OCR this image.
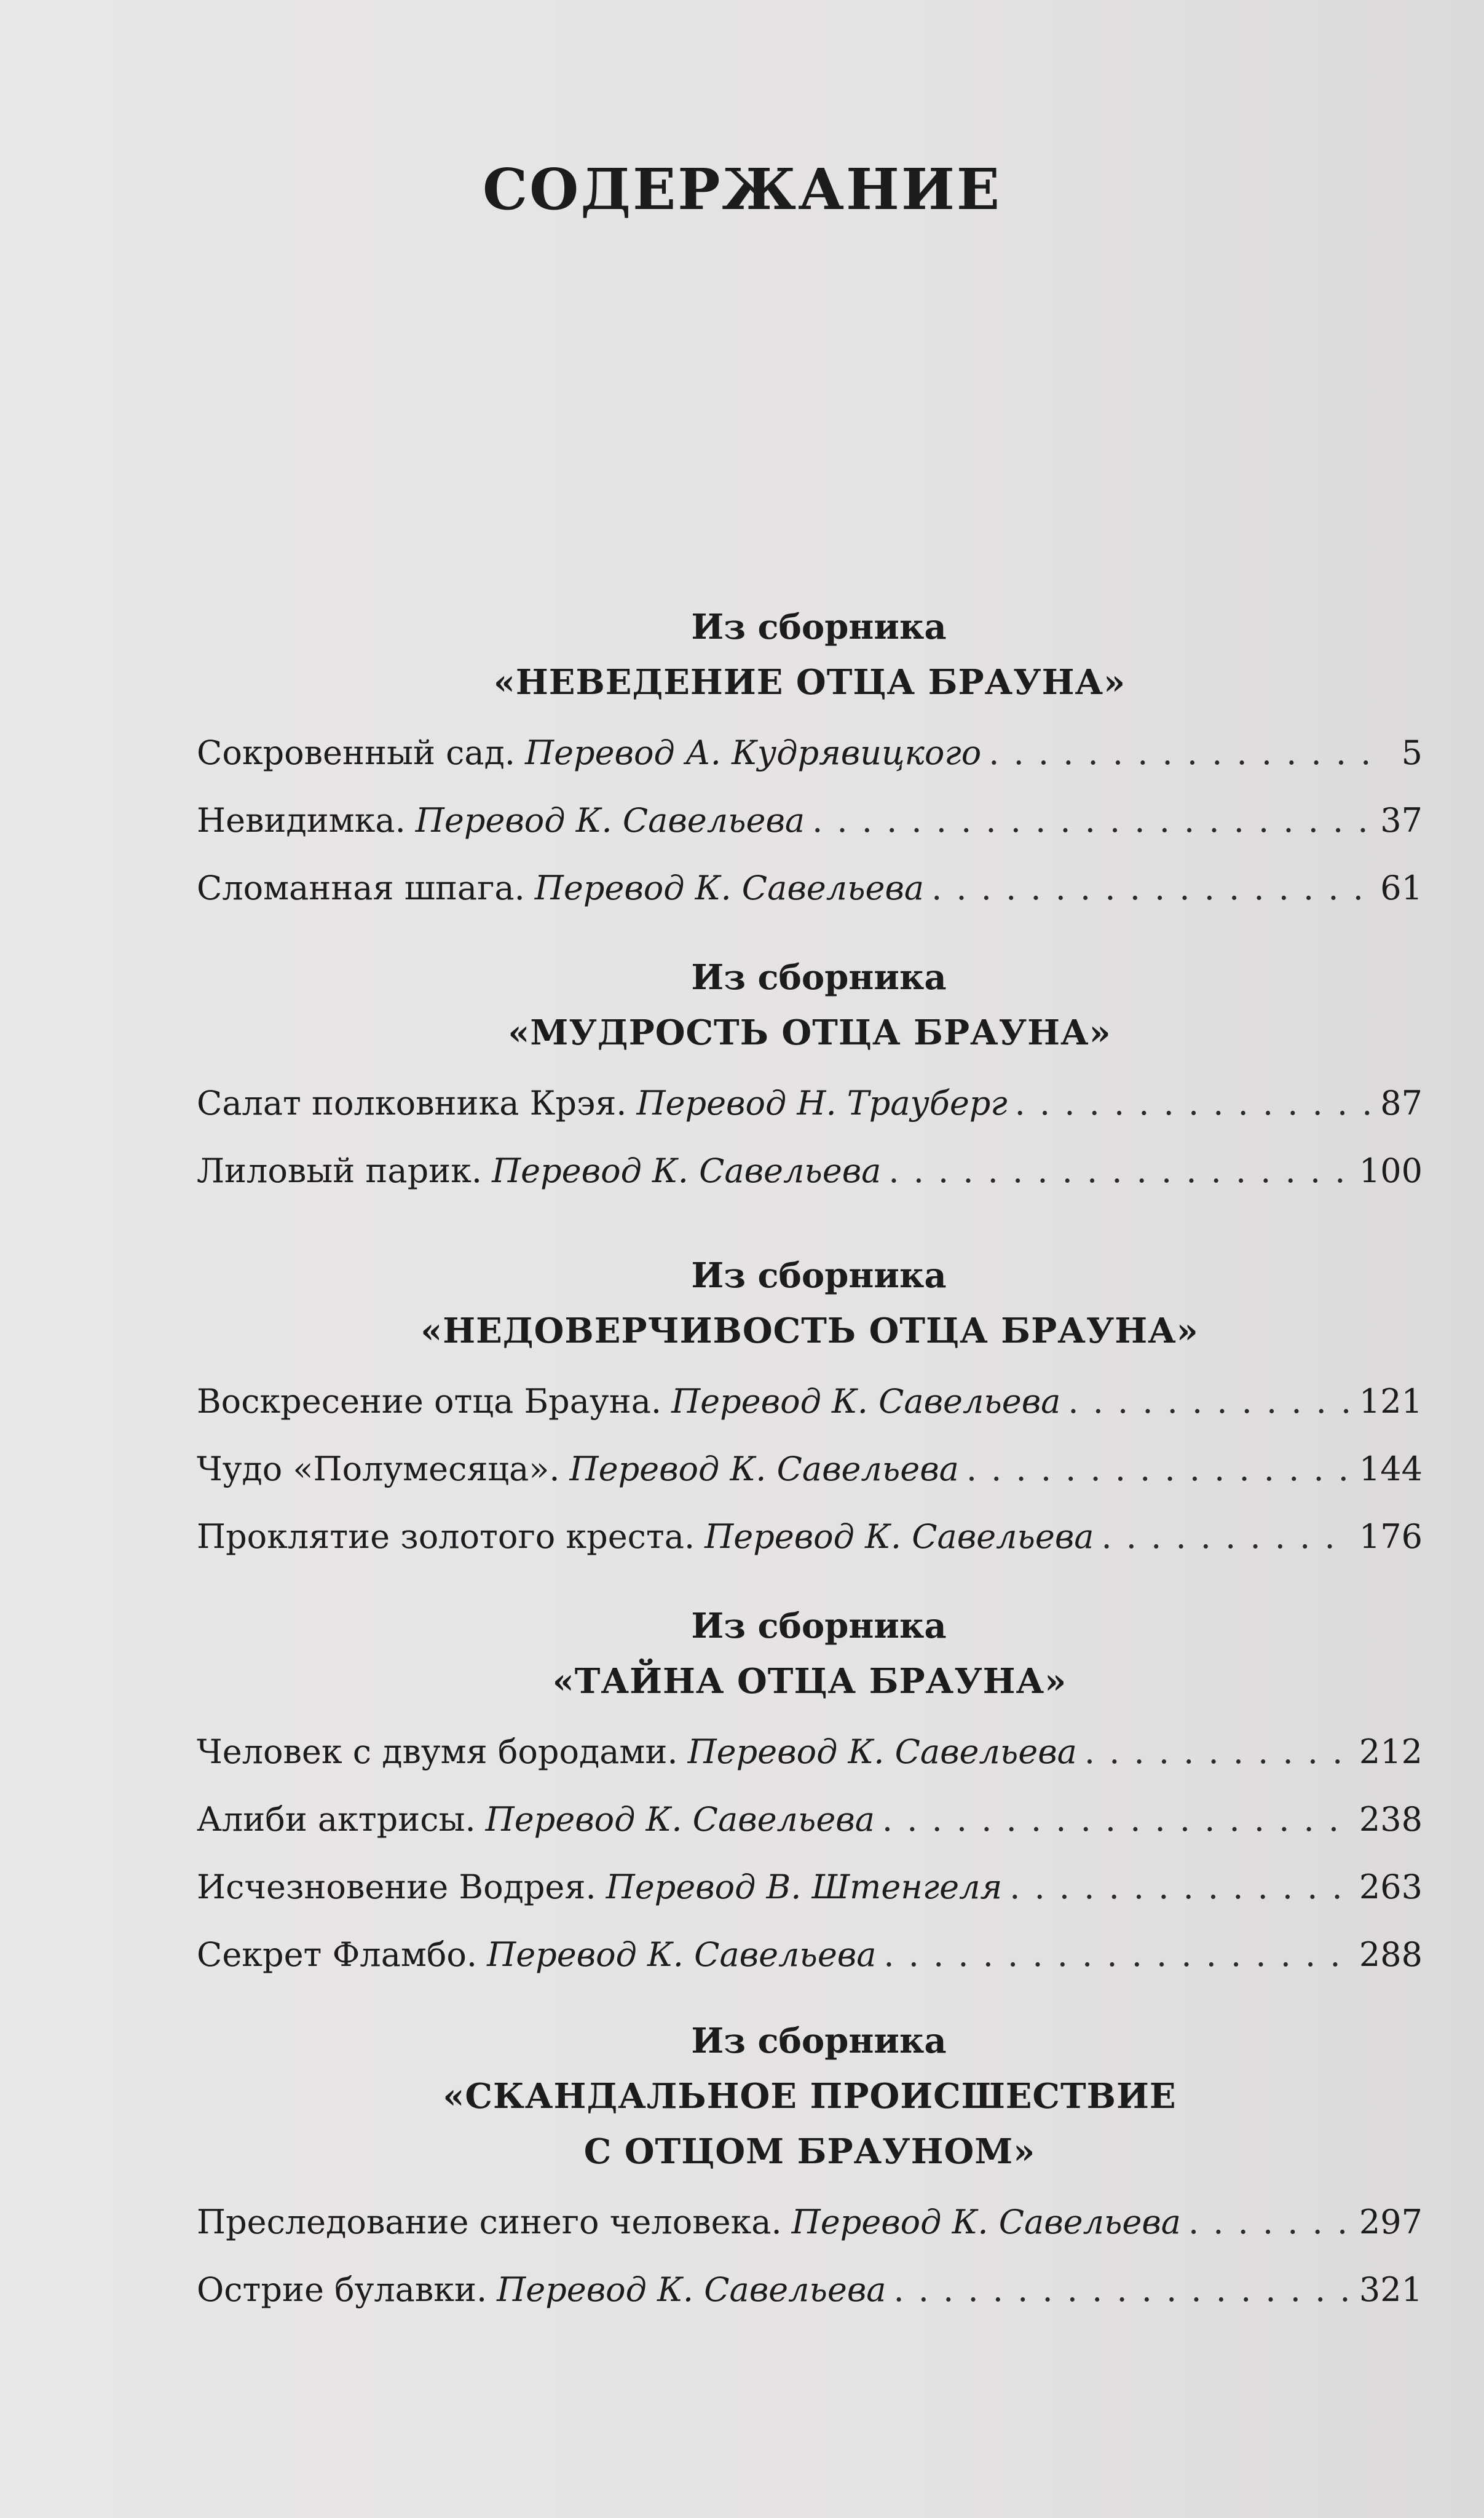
СОДЕРЖАНИЕ
Из сборника
«НЕВЕДЕНИЕ ОТЦА БРАУНА»
Сокровенный сад. Перевод А. Кудрявицкого . . .	5
Невидимка. Перевод К. Савельева . . .	37
Сломанная шпага. Перевод К. Савельева . . .	61
Из сборника
«МУДРОСТЬ ОТЦА БРАУНА»
Салат полковника Крэя. Перевод Н. Трауберг . . .	87
Лиловый парик. Перевод К. Савельева . . .	100
Из сборника
«НЕДОВЕРЧИВОСТЬ ОТЦА БРАУНА»
Воскресение отца Брауна. Перевод К. Савельева . . .	121
Чудо «Полумесяца». Перевод К. Савельева . . .	144
Проклятие золотого креста. Перевод К. Савельева . . .	176
Из сборника
«ТАЙНА ОТЦА БРАУНА»
Человек с двумя бородами. Перевод К. Савельева . . .	212
Алиби актрисы. Перевод К. Савельева . . .	238
Исчезновение Водрея. Перевод В. Штенгеля . . .	263
Секрет Фламбо. Перевод К. Савельева . . .	288
Из сборника
«СКАНДАЛЬНОЕ ПРОИСШЕСТВИЕ
С ОТЦОМ БРАУНОМ»
Преследование синего человека. Перевод К. Савельева . . .	297
Острие булавки. Перевод К. Савельева . . .	321
